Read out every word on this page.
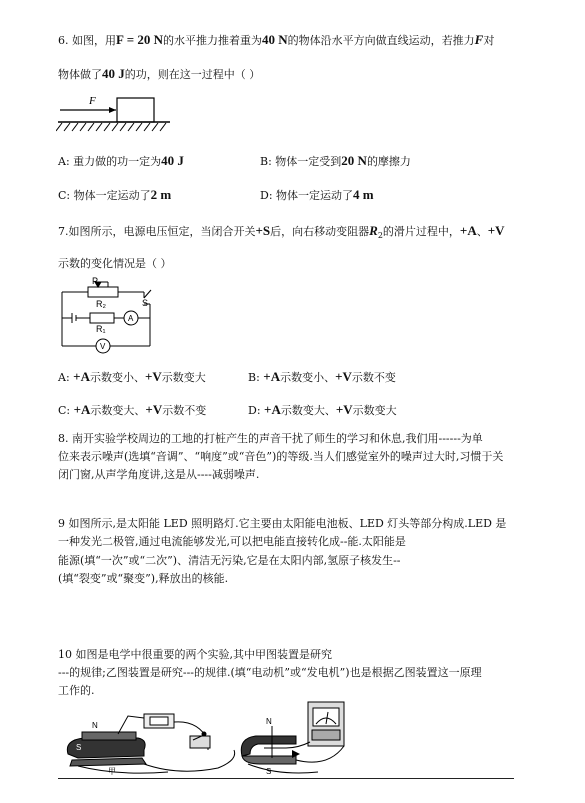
6. 如图，用F = 20 N的水平推力推着重为40 N的物体沿水平方向做直线运动，若推力F对
物体做了40 J的功，则在这一过程中（ ）
F
A: 重力做的功一定为40 J	B: 物体一定受到20 N的摩擦力
C: 物体一定运动了2 m	D: 物体一定运动了4 m
7.如图所示，电源电压恒定，当闭合开关+S后，向右移动变阻器$R_2$的滑片过程中，+A、+V
示数的变化情况是（ ）
P
R₂	S
R₁
A
V
A: +A示数变小、+V示数变大	B: +A示数变小、+V示数不变
C: +A示数变大、+V示数不变	D: +A示数变大、+V示数变大
8. 南开实验学校周边的工地的打桩产生的声音干扰了师生的学习和休息,我们用------为单
位来表示噪声(选填“音调”、“响度”或“音色”)的等级.当人们感觉室外的噪声过大时,习惯于关
闭门窗,从声学角度讲,这是从----减弱噪声.
9 如图所示,是太阳能 LED 照明路灯.它主要由太阳能电池板、LED 灯头等部分构成.LED 是
一种发光二极管,通过电流能够发光,可以把电能直接转化成--能.太阳能是
能源(填“一次”或“二次”)、清洁无污染,它是在太阳内部,氢原子核发生--
(填“裂变”或“聚变”),释放出的核能.
10 如图是电学中很重要的两个实验,其中甲图装置是研究
---的规律;乙图装置是研究---的规律.(填“电动机”或“发电机”)也是根据乙图装置这一原理
工作的.
N
S
甲
N
S
